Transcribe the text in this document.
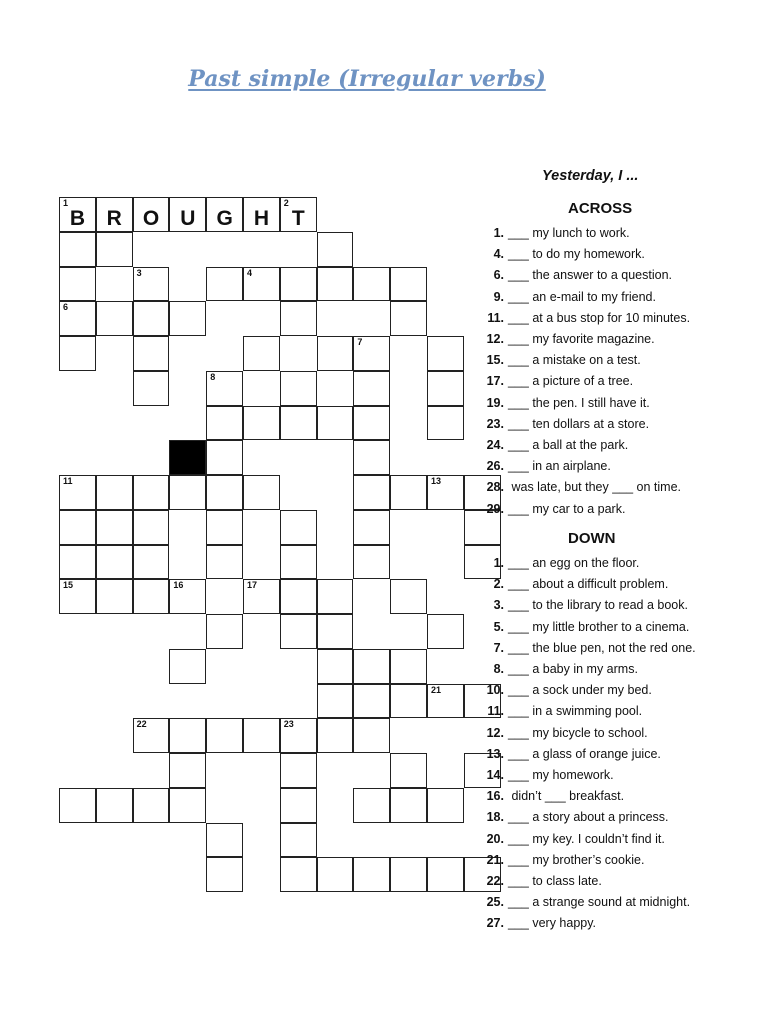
Past simple (Irregular verbs)
1
B	R	O	U	G	H
2
T
3	4
6
7
8
11	13
15	16	17
21
22	23
Yesterday, I ...
ACROSS
1. ___ my lunch to work.
4. ___ to do my homework.
6. ___ the answer to a question.
9. ___ an e-mail to my friend.
11. ___ at a bus stop for 10 minutes.
12. ___ my favorite magazine.
15. ___ a mistake on a test.
17. ___ a picture of a tree.
19. ___ the pen. I still have it.
23. ___ ten dollars at a store.
24. ___ a ball at the park.
26. ___ in an airplane.
28. was late, but they ___ on time.
29. ___ my car to a park.
DOWN
1. ___ an egg on the floor.
2. ___ about a difficult problem.
3. ___ to the library to read a book.
5. ___ my little brother to a cinema.
7. ___ the blue pen, not the red one.
8. ___ a baby in my arms.
10. ___ a sock under my bed.
11. ___ in a swimming pool.
12. ___ my bicycle to school.
13. ___ a glass of orange juice.
14. ___ my homework.
16. didn’t ___ breakfast.
18. ___ a story about a princess.
20. ___ my key. I couldn’t find it.
21. ___ my brother’s cookie.
22. ___ to class late.
25. ___ a strange sound at midnight.
27. ___ very happy.
